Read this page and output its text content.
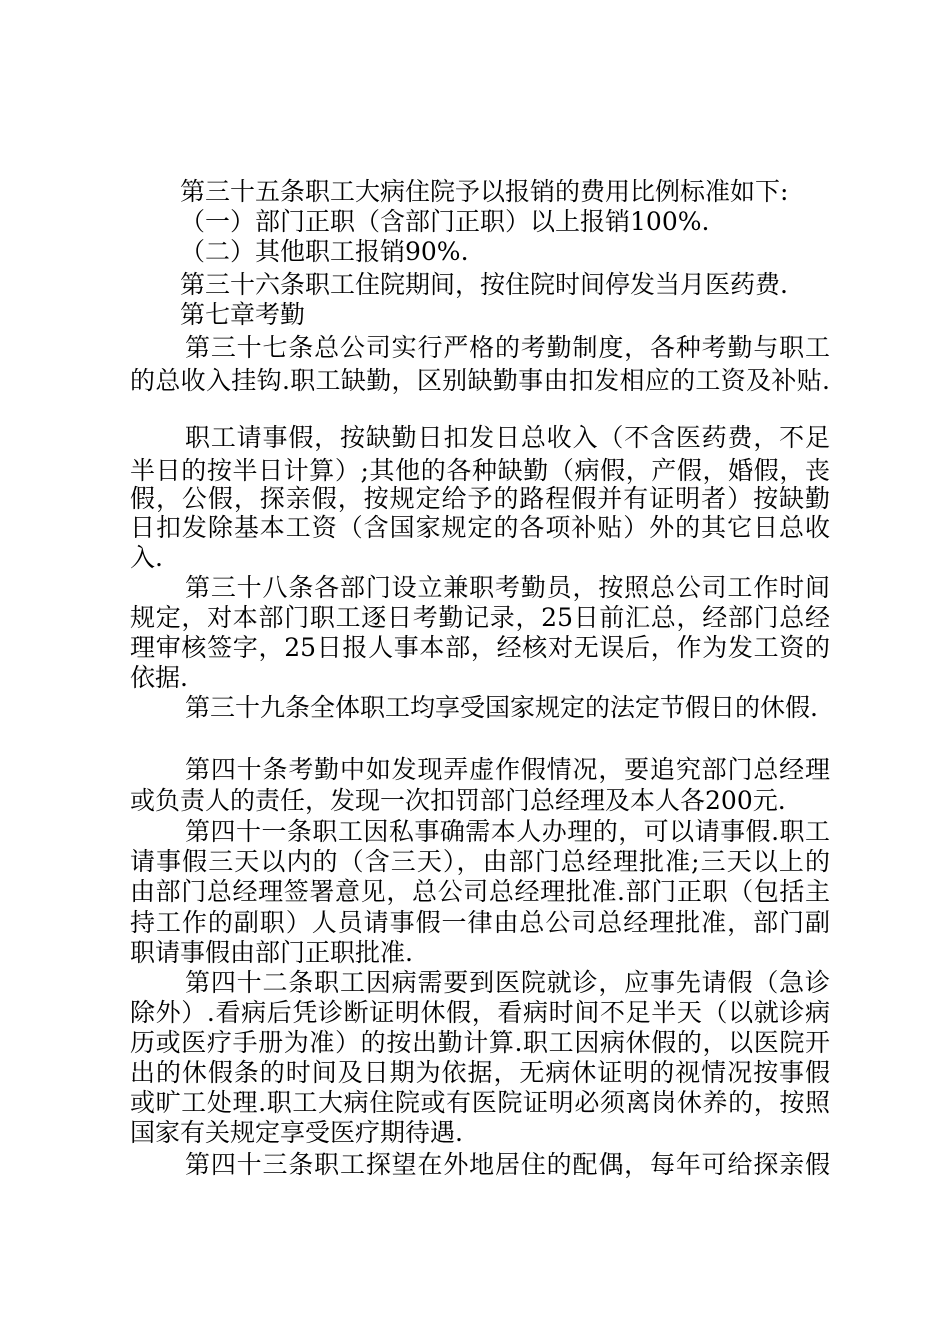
第三十五条职工大病住院予以报销的费用比例标准如下:
（一）部门正职（含部门正职）以上报销100%.
（二）其他职工报销90%.
第三十六条职工住院期间，按住院时间停发当月医药费.
第七章考勤
第三十七条总公司实行严格的考勤制度，各种考勤与职工
的总收入挂钩.职工缺勤，区别缺勤事由扣发相应的工资及补贴.
职工请事假，按缺勤日扣发日总收入（不含医药费，不足
半日的按半日计算）;其他的各种缺勤（病假，产假，婚假，丧
假，公假，探亲假，按规定给予的路程假并有证明者）按缺勤
日扣发除基本工资（含国家规定的各项补贴）外的其它日总收
入.
第三十八条各部门设立兼职考勤员，按照总公司工作时间
规定，对本部门职工逐日考勤记录，25日前汇总，经部门总经
理审核签字，25日报人事本部，经核对无误后，作为发工资的
依据.
第三十九条全体职工均享受国家规定的法定节假日的休假.
第四十条考勤中如发现弄虚作假情况，要追究部门总经理
或负责人的责任，发现一次扣罚部门总经理及本人各200元.
第四十一条职工因私事确需本人办理的，可以请事假.职工
请事假三天以内的（含三天），由部门总经理批准;三天以上的
由部门总经理签署意见，总公司总经理批准.部门正职（包括主
持工作的副职）人员请事假一律由总公司总经理批准，部门副
职请事假由部门正职批准.
第四十二条职工因病需要到医院就诊，应事先请假（急诊
除外）.看病后凭诊断证明休假，看病时间不足半天（以就诊病
历或医疗手册为准）的按出勤计算.职工因病休假的，以医院开
出的休假条的时间及日期为依据，无病休证明的视情况按事假
或旷工处理.职工大病住院或有医院证明必须离岗休养的，按照
国家有关规定享受医疗期待遇.
第四十三条职工探望在外地居住的配偶，每年可给探亲假
